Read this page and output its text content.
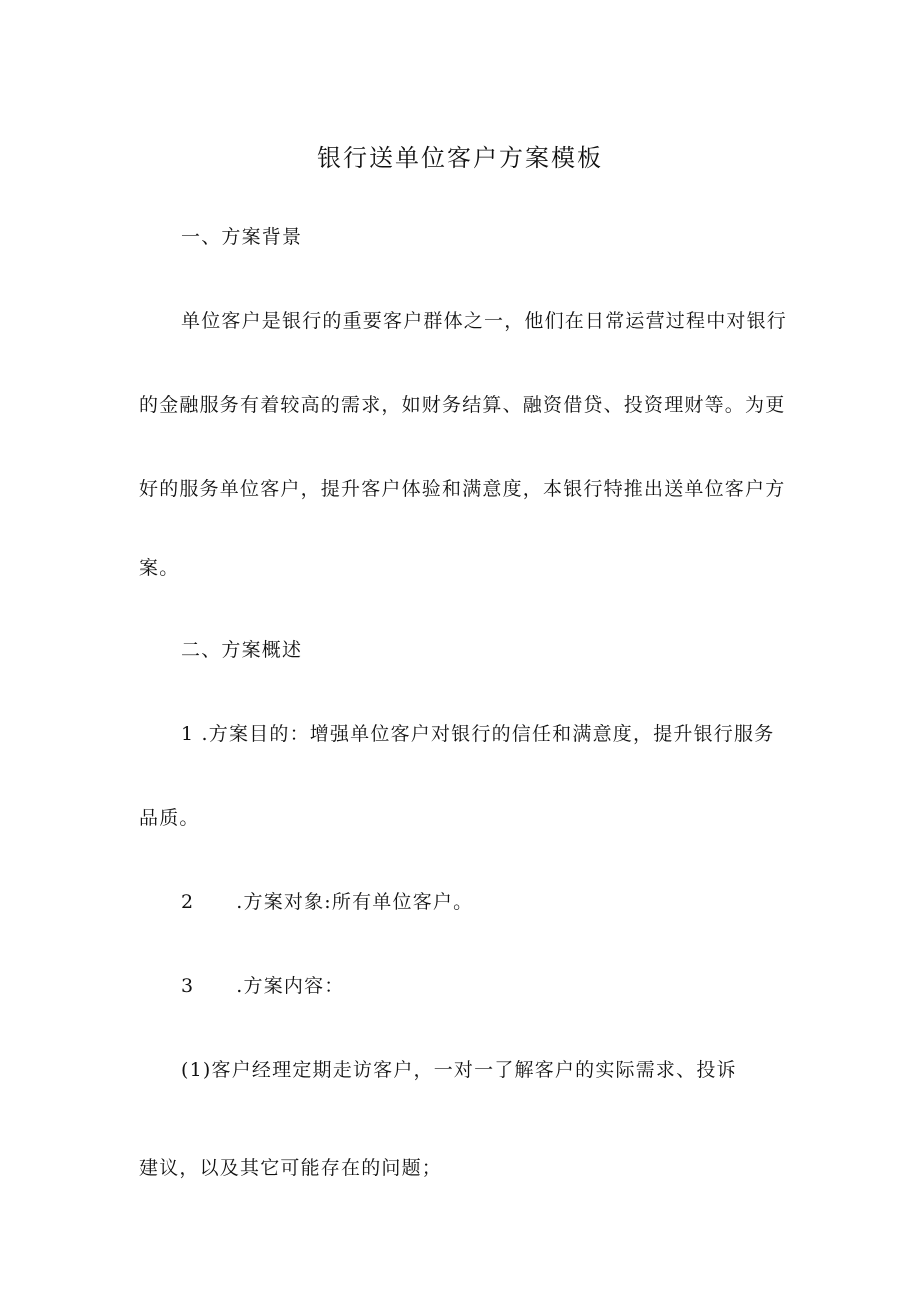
银行送单位客户方案模板
一、方案背景
单位客户是银行的重要客户群体之一，他们在日常运营过程中对银行
的金融服务有着较高的需求，如财务结算、融资借贷、投资理财等。为更
好的服务单位客户，提升客户体验和满意度，本银行特推出送单位客户方
案。
二、方案概述
1 .方案目的：增强单位客户对银行的信任和满意度，提升银行服务
品质。
2 .方案对象:所有单位客户。
3 .方案内容：
(1)客户经理定期走访客户，一对一了解客户的实际需求、投诉
建议，以及其它可能存在的问题；
